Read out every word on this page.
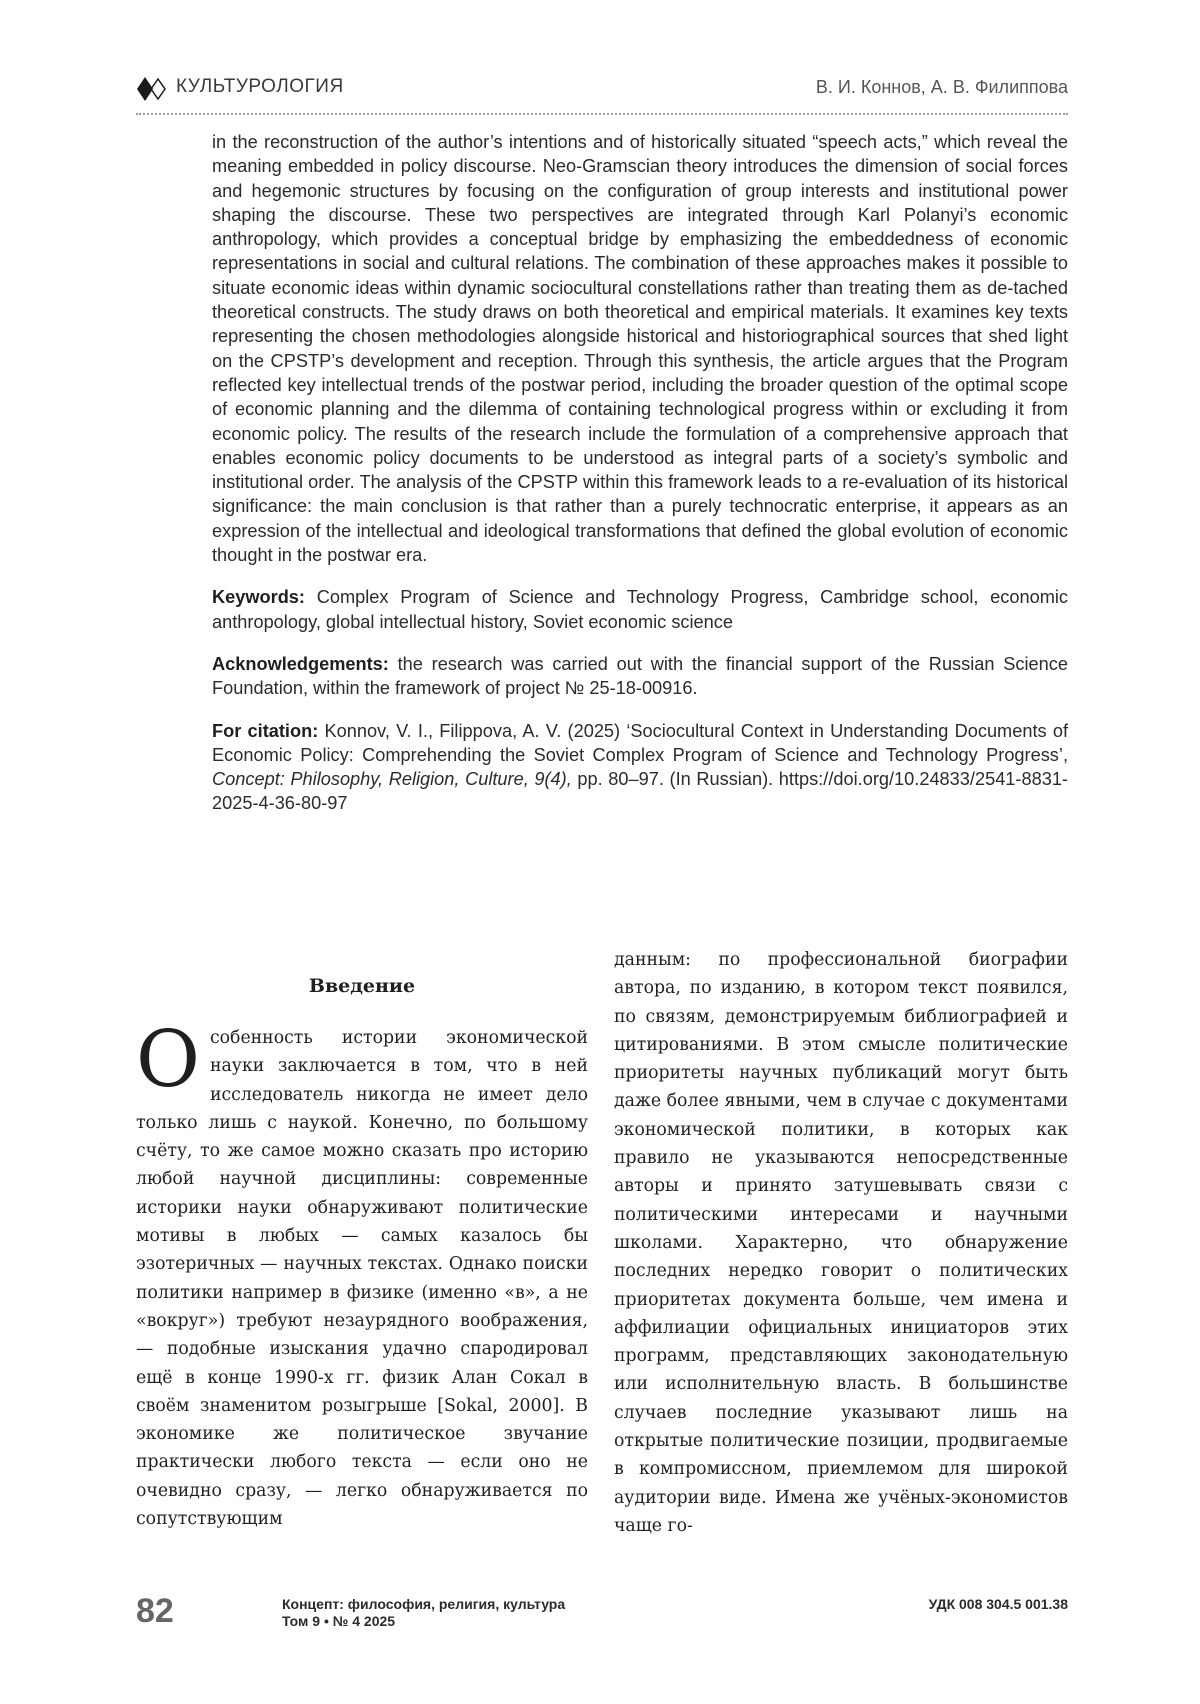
КУЛЬТУРОЛОГИЯ	В. И. Коннов, А. В. Филиппова

in the reconstruction of the author’s intentions and of historically situated “speech acts,” which reveal the meaning embedded in policy discourse. Neo-Gramscian theory introduces the dimension of social forces and hegemonic structures by focusing on the configuration of group interests and institutional power shaping the discourse. These two perspectives are integrated through Karl Polanyi’s economic anthropology, which provides a conceptual bridge by emphasizing the embeddedness of economic representations in social and cultural relations. The combination of these approaches makes it possible to situate economic ideas within dynamic sociocultural constellations rather than treating them as de-tached theoretical constructs. The study draws on both theoretical and empirical materials. It examines key texts representing the chosen methodologies alongside historical and historiographical sources that shed light on the CPSTP’s development and reception. Through this synthesis, the article argues that the Program reflected key intellectual trends of the postwar period, including the broader question of the optimal scope of economic planning and the dilemma of containing technological progress within or excluding it from economic policy. The results of the research include the formulation of a comprehensive approach that enables economic policy documents to be understood as integral parts of a society’s symbolic and institutional order. The analysis of the CPSTP within this framework leads to a re-evaluation of its historical significance: the main conclusion is that rather than a purely technocratic enterprise, it appears as an expression of the intellectual and ideological transformations that defined the global evolution of economic thought in the postwar era.

Keywords: Complex Program of Science and Technology Progress, Cambridge school, economic anthropology, global intellectual history, Soviet economic science

Acknowledgements: the research was carried out with the financial support of the Russian Science Foundation, within the framework of project № 25-18-00916.

For citation: Konnov, V. I., Filippova, A. V. (2025) ‘Sociocultural Context in Understanding Documents of Economic Policy: Comprehending the Soviet Complex Program of Science and Technology Progress’, Concept: Philosophy, Religion, Culture, 9(4), pp. 80–97. (In Russian). https://doi.org/10.24833/2541-8831-2025-4-36-80-97

Введение

Особенность истории экономической науки заключается в том, что в ней исследователь никогда не имеет дело только лишь с наукой. Конечно, по большому счёту, то же самое можно сказать про историю любой научной дисциплины: современные историки науки обнаруживают политические мотивы в любых — самых казалось бы эзотеричных — научных текстах. Однако поиски политики например в физике (именно «в», а не «вокруг») требуют незаурядного воображения, — подобные изыскания удачно спародировал ещё в конце 1990-х гг. физик Алан Сокал в своём знаменитом розыгрыше [Sokal, 2000]. В экономике же политическое звучание практически любого текста — если оно не очевидно сразу, — легко обнаруживается по сопутствующим

данным: по профессиональной биографии автора, по изданию, в котором текст появился, по связям, демонстрируемым библиографией и цитированиями. В этом смысле политические приоритеты научных публикаций могут быть даже более явными, чем в случае с документами экономической политики, в которых как правило не указываются непосредственные авторы и принято затушевывать связи с политическими интересами и научными школами. Характерно, что обнаружение последних нередко говорит о политических приоритетах документа больше, чем имена и аффилиации официальных инициаторов этих программ, представляющих законодательную или исполнительную власть. В большинстве случаев последние указывают лишь на открытые политические позиции, продвигаемые в компромиссном, приемлемом для широкой аудитории виде. Имена же учёных-экономистов чаще го-

82	Концепт: философия, религия, культура
Том 9 • № 4 2025
УДК 008 304.5 001.38
